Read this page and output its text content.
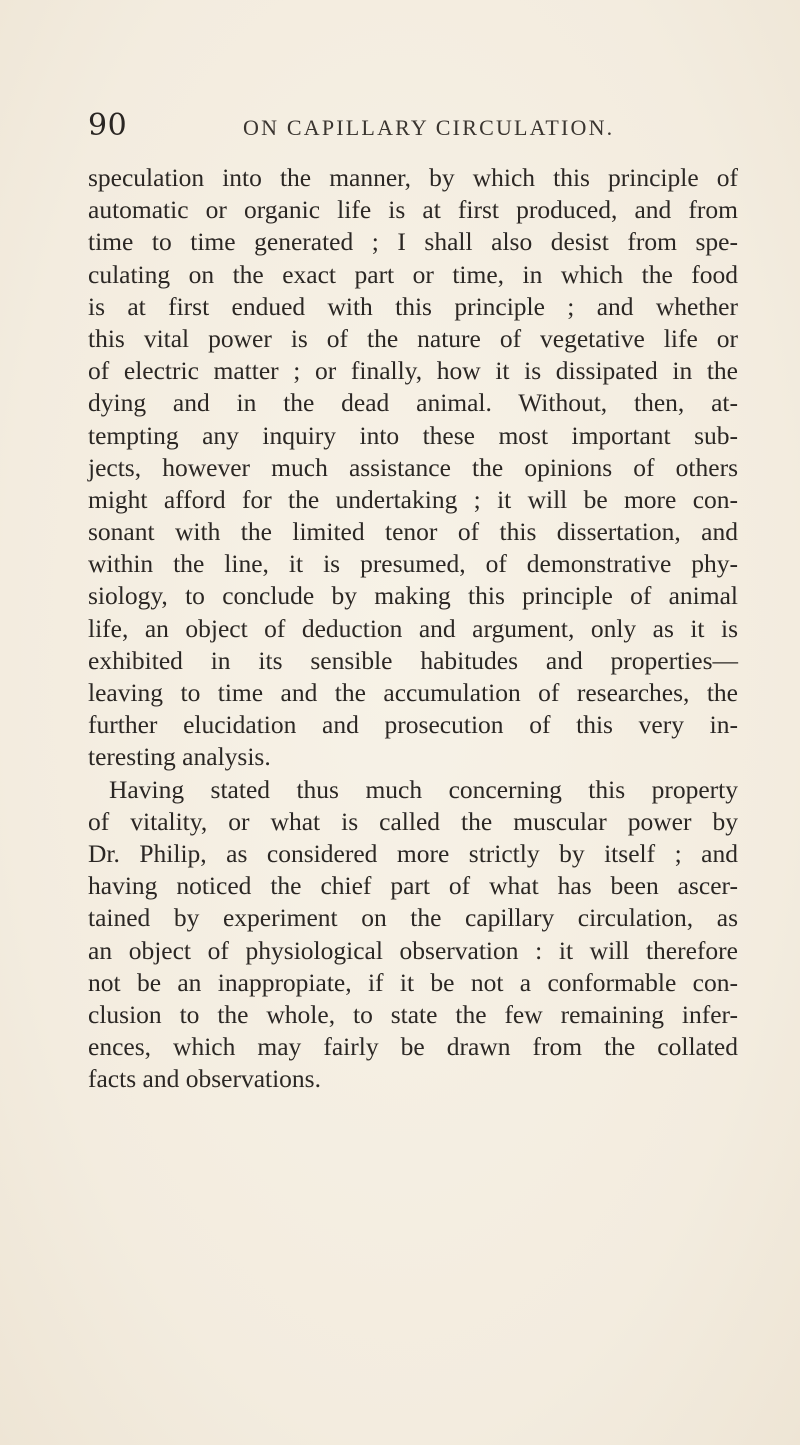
90	ON CAPILLARY CIRCULATION.
speculation into the manner, by which this principle of
automatic or organic life is at first produced, and from
time to time generated ; I shall also desist from spe-
culating on the exact part or time, in which the food
is at first endued with this principle ; and whether
this vital power is of the nature of vegetative life or
of electric matter ; or finally, how it is dissipated in the
dying and in the dead animal. Without, then, at-
tempting any inquiry into these most important sub-
jects, however much assistance the opinions of others
might afford for the undertaking ; it will be more con-
sonant with the limited tenor of this dissertation, and
within the line, it is presumed, of demonstrative phy-
siology, to conclude by making this principle of animal
life, an object of deduction and argument, only as it is
exhibited in its sensible habitudes and properties—
leaving to time and the accumulation of researches, the
further elucidation and prosecution of this very in-
teresting analysis.
Having stated thus much concerning this property
of vitality, or what is called the muscular power by
Dr. Philip, as considered more strictly by itself ; and
having noticed the chief part of what has been ascer-
tained by experiment on the capillary circulation, as
an object of physiological observation : it will therefore
not be an inappropiate, if it be not a conformable con-
clusion to the whole, to state the few remaining infer-
ences, which may fairly be drawn from the collated
facts and observations.
